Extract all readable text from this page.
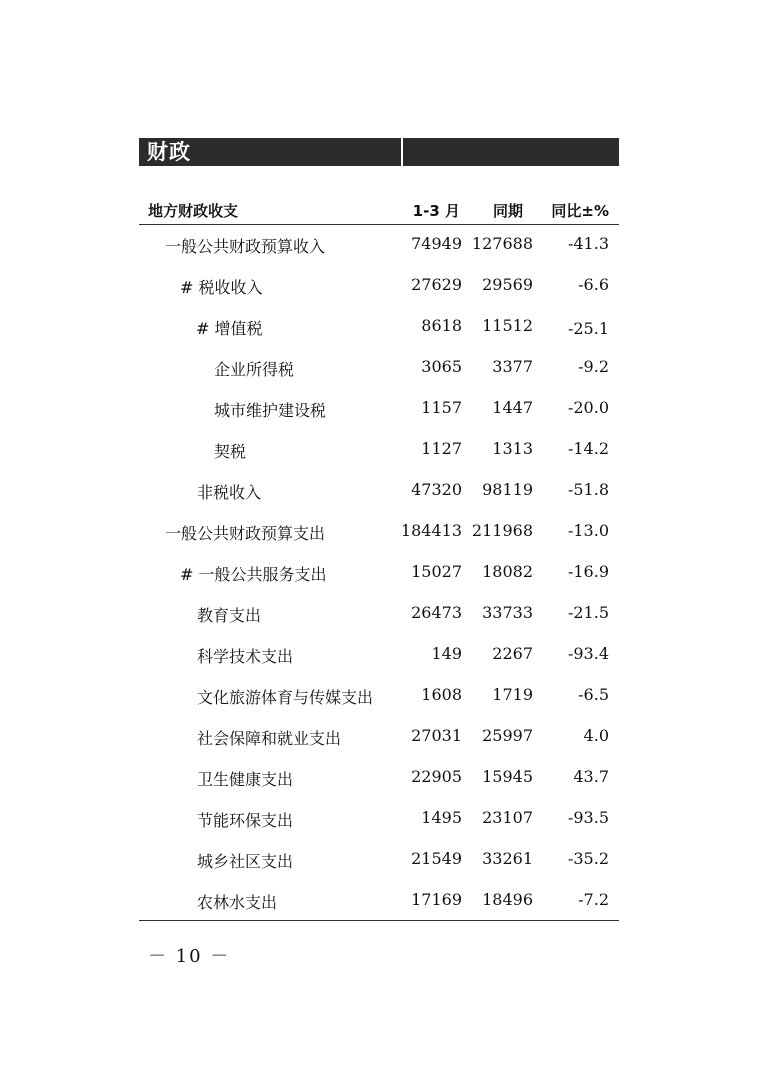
财政
地方财政收支	1-3 月 同期 同比±%
一般公共财政预算收入	74949 127688 -41.3
# 税收收入	27629 29569	-6.6
# 增值税	8618 11512 -25.1
企业所得税	3065 3377	-9.2
城市维护建设税	1157 1447 -20.0
契税	1127 1313 -14.2
非税收入	47320 98119 -51.8
一般公共财政预算支出	184413 211968 -13.0
# 一般公共服务支出	15027 18082 -16.9
教育支出	26473 33733 -21.5
科学技术支出	149 2267 -93.4
文化旅游体育与传媒支出	1608 1719	-6.5
社会保障和就业支出	27031 25997	4.0
卫生健康支出	22905 15945	43.7
节能环保支出	1495 23107 -93.5
城乡社区支出	21549 33261 -35.2
农林水支出	17169 18496	-7.2
－ 10 －
